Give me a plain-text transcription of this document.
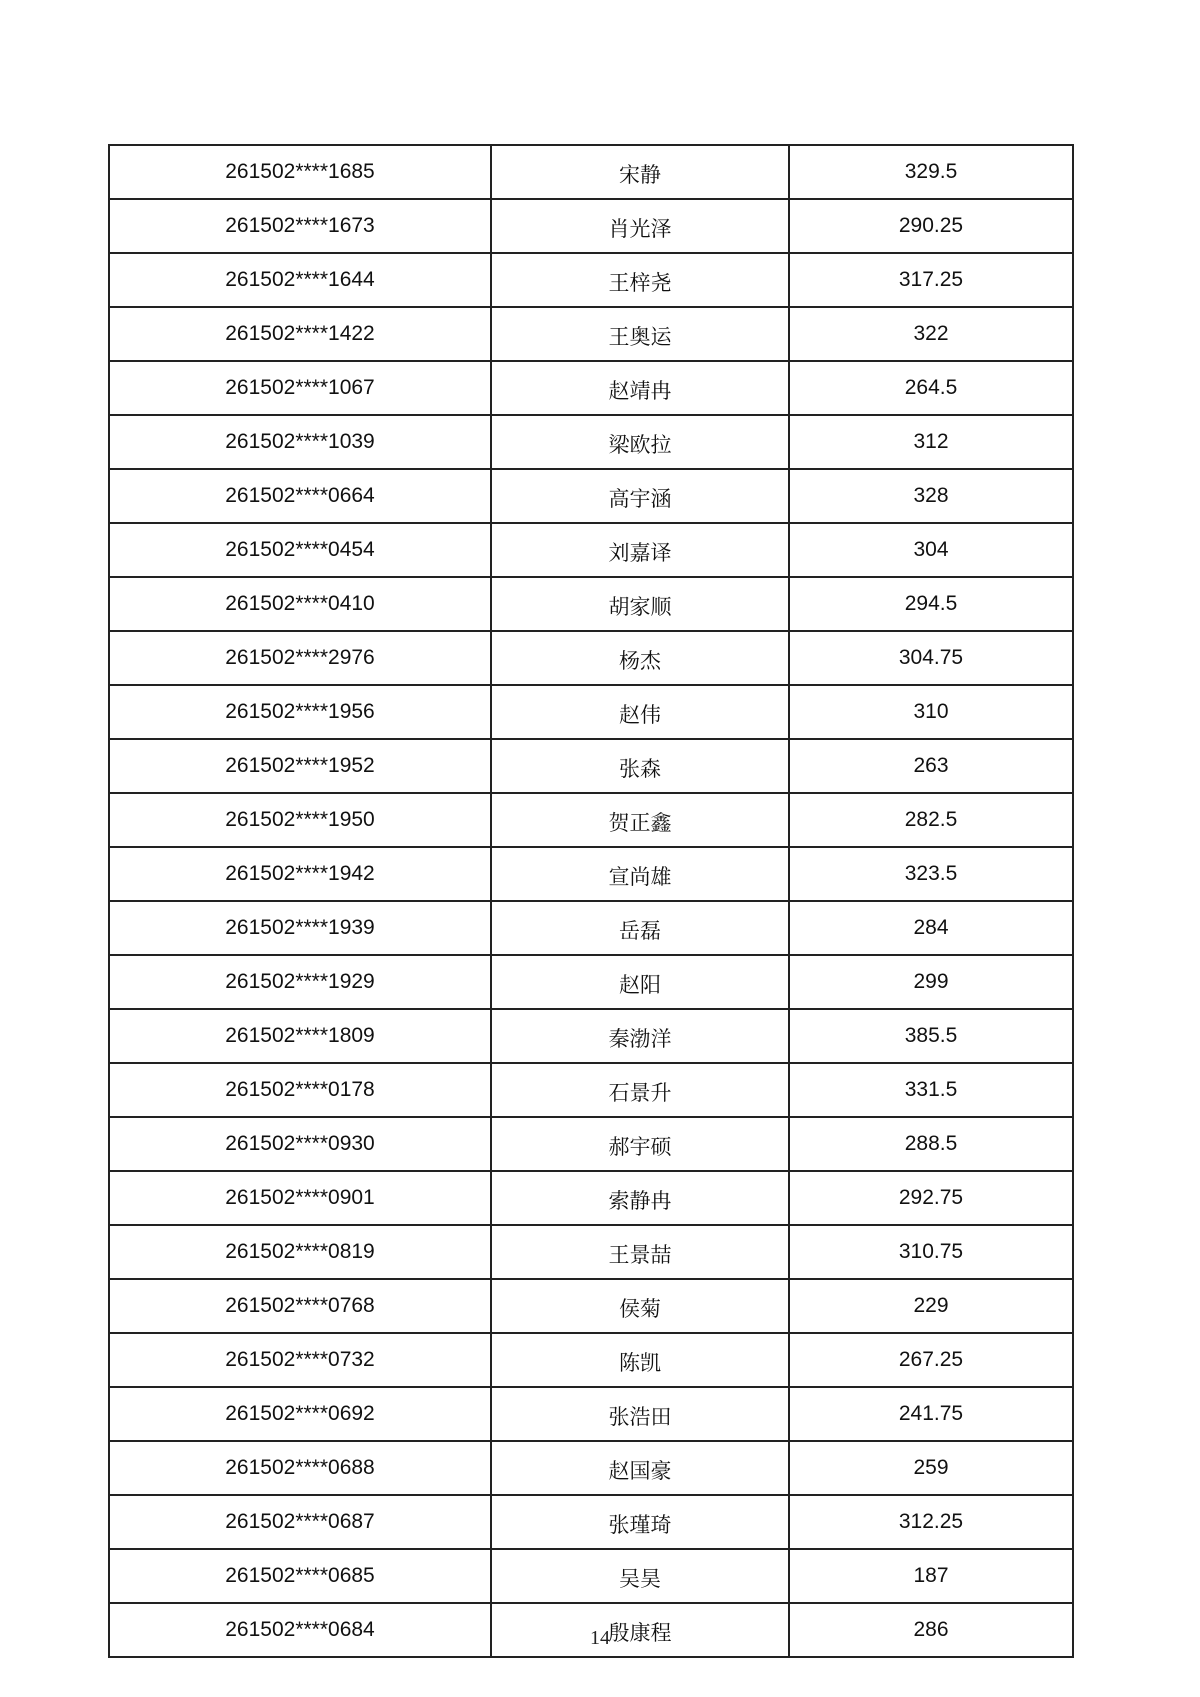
261502****1685	宋静	329.5
261502****1673	肖光泽	290.25
261502****1644	王梓尧	317.25
261502****1422	王奥运	322
261502****1067	赵靖冉	264.5
261502****1039	梁欧拉	312
261502****0664	高宇涵	328
261502****0454	刘嘉译	304
261502****0410	胡家顺	294.5
261502****2976	杨杰	304.75
261502****1956	赵伟	310
261502****1952	张森	263
261502****1950	贺正鑫	282.5
261502****1942	宣尚雄	323.5
261502****1939	岳磊	284
261502****1929	赵阳	299
261502****1809	秦渤洋	385.5
261502****0178	石景升	331.5
261502****0930	郝宇硕	288.5
261502****0901	索静冉	292.75
261502****0819	王景喆	310.75
261502****0768	侯菊	229
261502****0732	陈凯	267.25
261502****0692	张浩田	241.75
261502****0688	赵国豪	259
261502****0687	张瑾琦	312.25
261502****0685	吴昊	187
261502****0684	殷康程	286
14
